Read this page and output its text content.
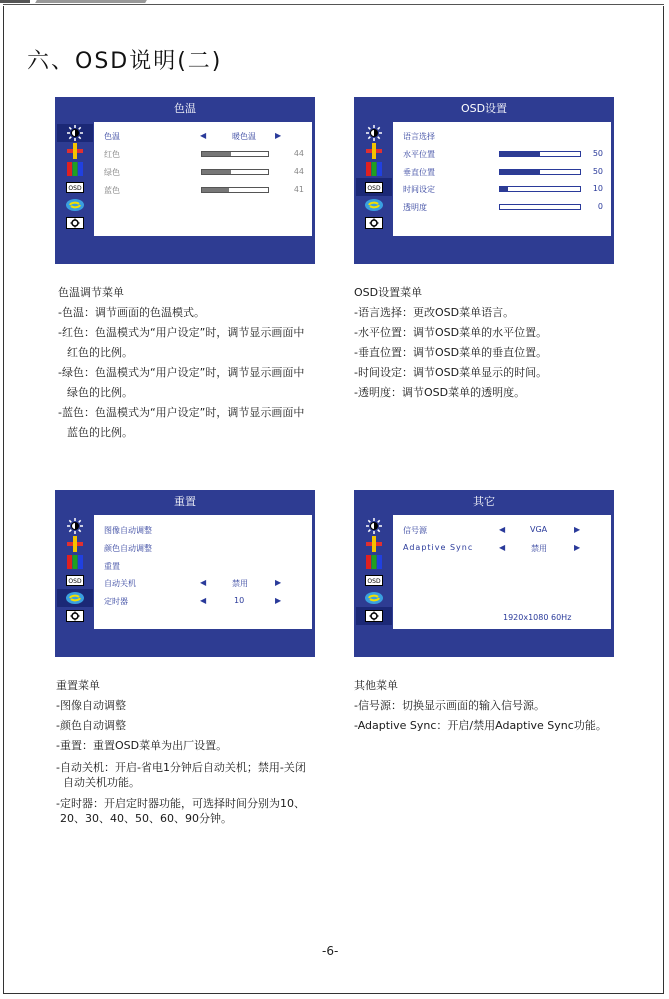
六、OSD说明(二)
色温
OSD
色温	◀	暖色温 ▶
红色	44
绿色	44
蓝色	41
OSD设置
OSD
语言选择
水平位置	50
垂直位置	50
时间设定	10
透明度	0

色温调节菜单

-色温：调节画面的色温模式。

-红色：色温模式为“用户设定”时，调节显示画面中

红色的比例。

-绿色：色温模式为“用户设定”时，调节显示画面中

绿色的比例。

-蓝色：色温模式为“用户设定”时，调节显示画面中

蓝色的比例。

OSD设置菜单

-语言选择：更改OSD菜单语言。

-水平位置：调节OSD菜单的水平位置。

-垂直位置：调节OSD菜单的垂直位置。

-时间设定：调节OSD菜单显示的时间。

-透明度：调节OSD菜单的透明度。

重置
OSD
图像自动调整
颜色自动调整
重置
自动关机	◀	禁用	▶
定时器	◀	10	▶
其它
OSD
信号源	◀	VGA	▶
Adaptive Sync	◀	禁用	▶
1920x1080 60Hz

重置菜单

-图像自动调整

-颜色自动调整

-重置：重置OSD菜单为出厂设置。

-自动关机：开启-省电1分钟后自动关机；禁用-关闭

自动关机功能。

-定时器：开启定时器功能，可选择时间分别为10、

20、30、40、50、60、90分钟。

其他菜单

-信号源：切换显示画面的输入信号源。

-Adaptive Sync：开启/禁用Adaptive Sync功能。

-6-
